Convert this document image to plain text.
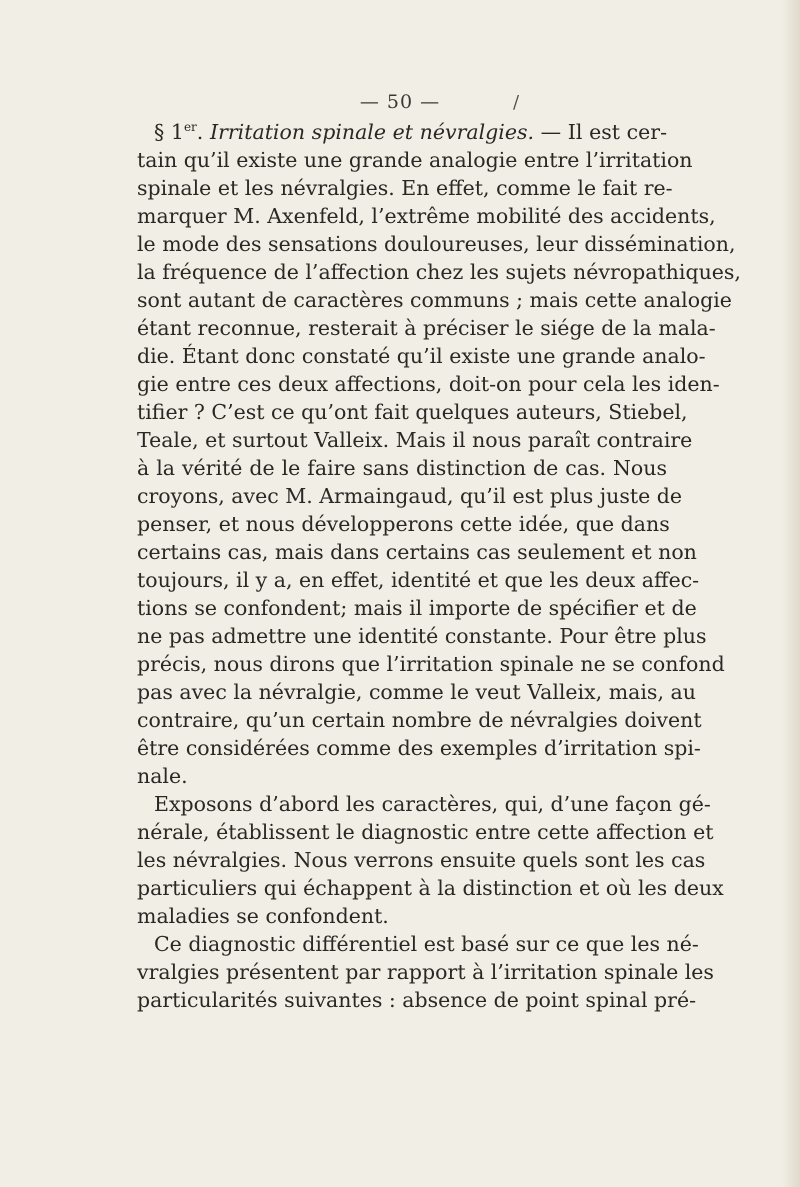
— 50 —	/
§ 1er. Irritation spinale et névralgies. — Il est cer-
tain qu’il existe une grande analogie entre l’irritation
spinale et les névralgies. En effet, comme le fait re-
marquer M. Axenfeld, l’extrême mobilité des accidents,
le mode des sensations douloureuses, leur dissémination,
la fréquence de l’affection chez les sujets névropathiques,
sont autant de caractères communs ; mais cette analogie
étant reconnue, resterait à préciser le siége de la mala-
die. Étant donc constaté qu’il existe une grande analo-
gie entre ces deux affections, doit-on pour cela les iden-
tifier ? C’est ce qu’ont fait quelques auteurs, Stiebel,
Teale, et surtout Valleix. Mais il nous paraît contraire
à la vérité de le faire sans distinction de cas. Nous
croyons, avec M. Armaingaud, qu’il est plus juste de
penser, et nous développerons cette idée, que dans
certains cas, mais dans certains cas seulement et non
toujours, il y a, en effet, identité et que les deux affec-
tions se confondent; mais il importe de spécifier et de
ne pas admettre une identité constante. Pour être plus
précis, nous dirons que l’irritation spinale ne se confond
pas avec la névralgie, comme le veut Valleix, mais, au
contraire, qu’un certain nombre de névralgies doivent
être considérées comme des exemples d’irritation spi-
nale.
Exposons d’abord les caractères, qui, d’une façon gé-
nérale, établissent le diagnostic entre cette affection et
les névralgies. Nous verrons ensuite quels sont les cas
particuliers qui échappent à la distinction et où les deux
maladies se confondent.
Ce diagnostic différentiel est basé sur ce que les né-
vralgies présentent par rapport à l’irritation spinale les
particularités suivantes : absence de point spinal pré-
